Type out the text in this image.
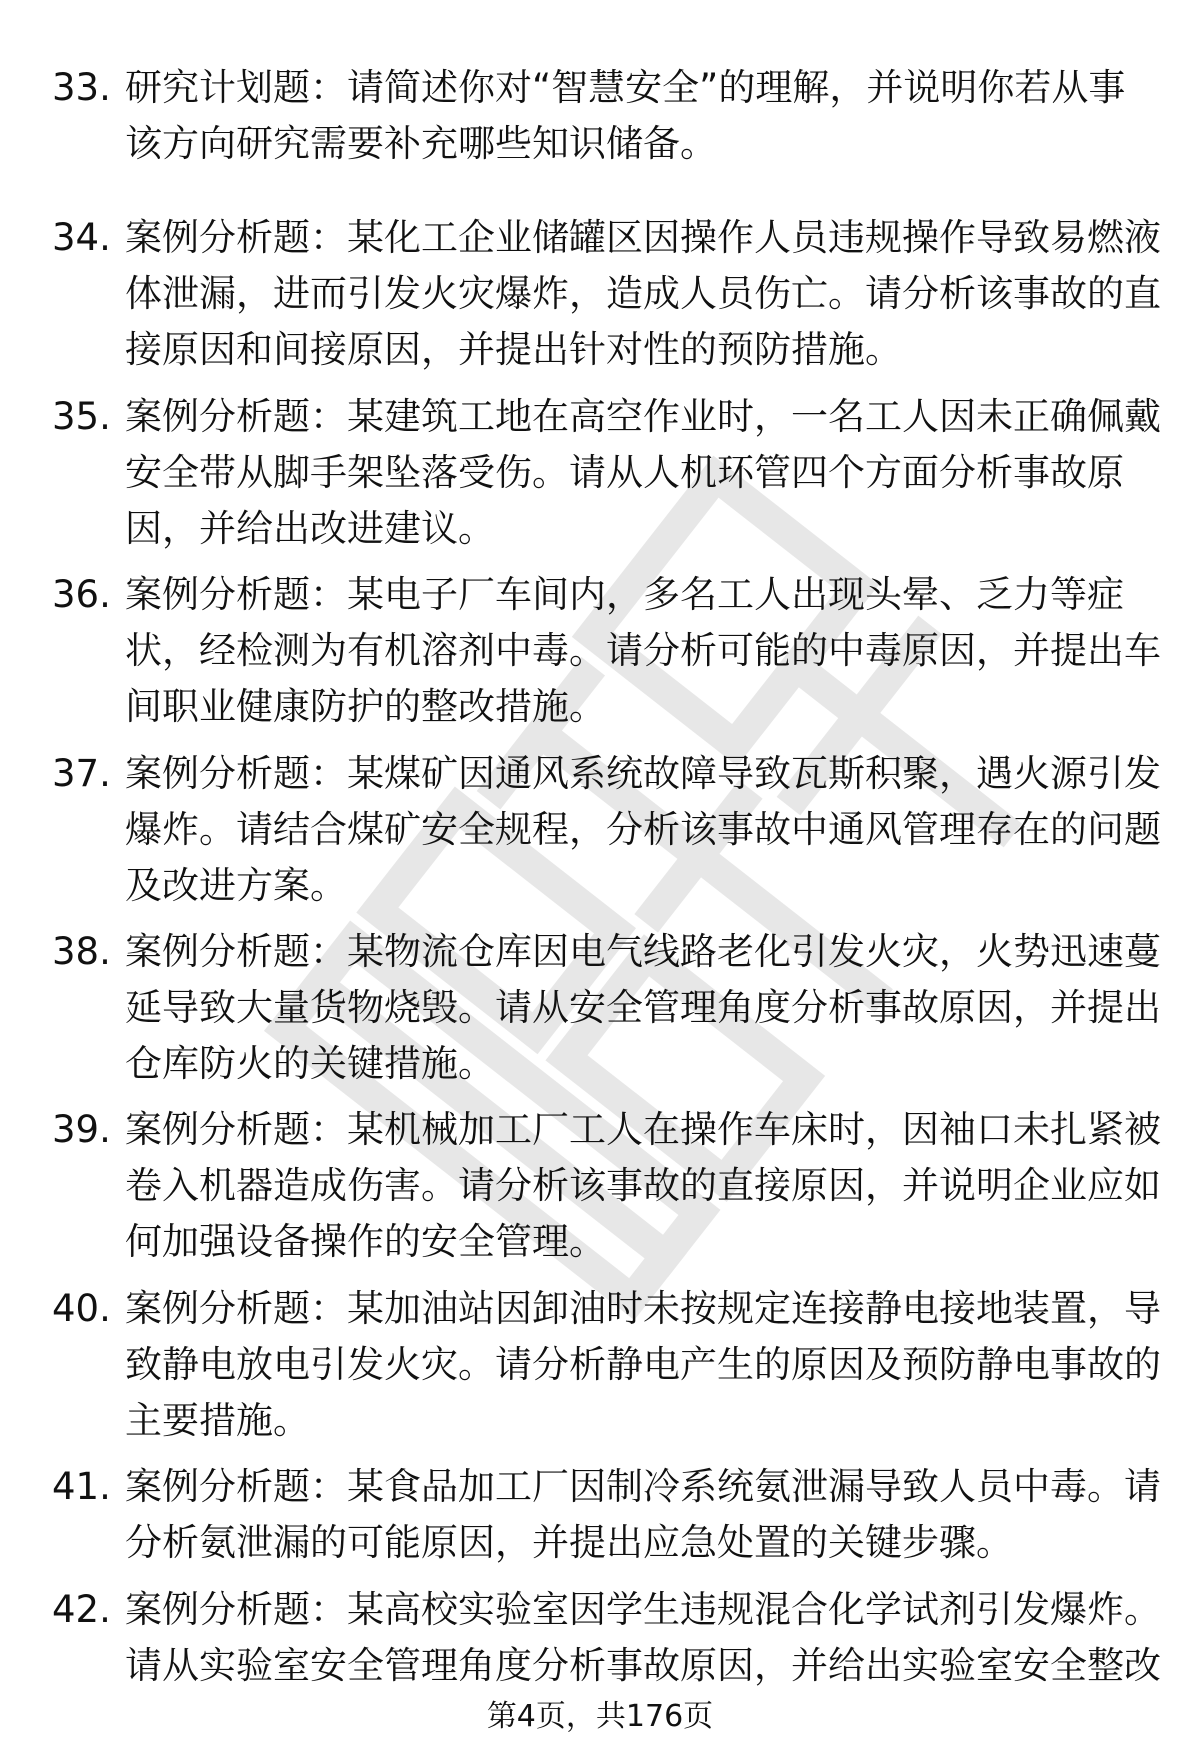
33. 研究计划题：请简述你对“智慧安全”的理解，并说明你若从事该方向研究需要补充哪些知识储备。
34. 案例分析题：某化工企业储罐区因操作人员违规操作导致易燃液体泄漏，进而引发火灾爆炸，造成人员伤亡。请分析该事故的直接原因和间接原因，并提出针对性的预防措施。
35. 案例分析题：某建筑工地在高空作业时，一名工人因未正确佩戴安全带从脚手架坠落受伤。请从人机环管四个方面分析事故原因，并给出改进建议。
36. 案例分析题：某电子厂车间内，多名工人出现头晕、乏力等症状，经检测为有机溶剂中毒。请分析可能的中毒原因，并提出车间职业健康防护的整改措施。
37. 案例分析题：某煤矿因通风系统故障导致瓦斯积聚，遇火源引发爆炸。请结合煤矿安全规程，分析该事故中通风管理存在的问题及改进方案。
38. 案例分析题：某物流仓库因电气线路老化引发火灾，火势迅速蔓延导致大量货物烧毁。请从安全管理角度分析事故原因，并提出仓库防火的关键措施。
39. 案例分析题：某机械加工厂工人在操作车床时，因袖口未扎紧被卷入机器造成伤害。请分析该事故的直接原因，并说明企业应如何加强设备操作的安全管理。
40. 案例分析题：某加油站因卸油时未按规定连接静电接地装置，导致静电放电引发火灾。请分析静电产生的原因及预防静电事故的主要措施。
41. 案例分析题：某食品加工厂因制冷系统氨泄漏导致人员中毒。请分析氨泄漏的可能原因，并提出应急处置的关键步骤。
42. 案例分析题：某高校实验室因学生违规混合化学试剂引发爆炸。请从实验室安全管理角度分析事故原因，并给出实验室安全整改
第4页，共176页
